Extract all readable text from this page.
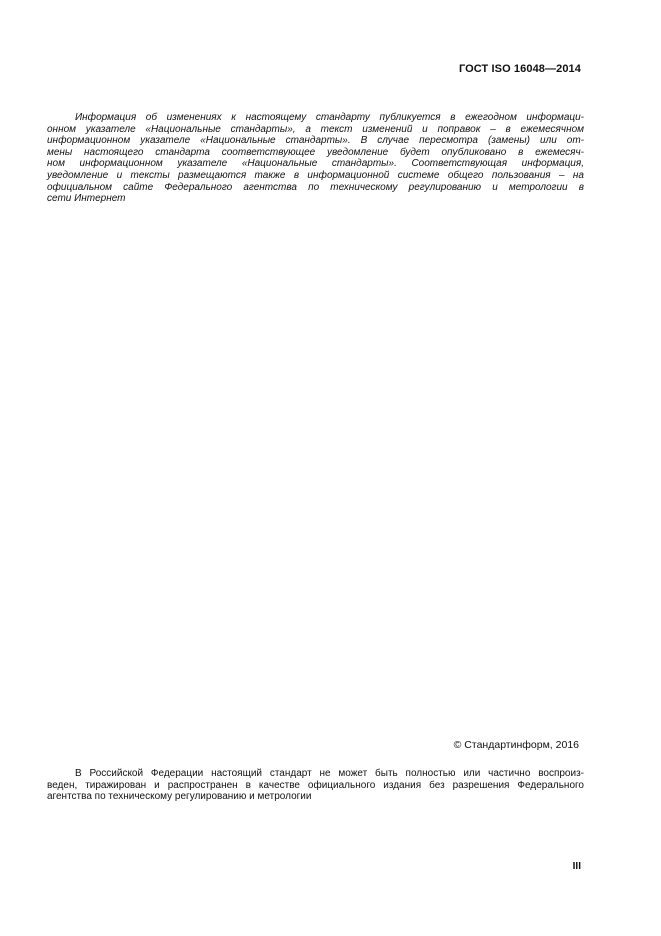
ГОСТ ISO 16048—2014
Информация об изменениях к настоящему стандарту публикуется в ежегодном информаци-
онном указателе «Национальные стандарты», а текст изменений и поправок – в ежемесячном
информационном указателе «Национальные стандарты». В случае пересмотра (замены) или от-
мены настоящего стандарта соответствующее уведомление будет опубликовано в ежемесяч-
ном информационном указателе «Национальные стандарты». Соответствующая информация,
уведомление и тексты размещаются также в информационной системе общего пользования – на
официальном сайте Федерального агентства по техническому регулированию и метрологии в
сети Интернет
© Стандартинформ, 2016
В Российской Федерации настоящий стандарт не может быть полностью или частично воспроиз-
веден, тиражирован и распространен в качестве официального издания без разрешения Федерального
агентства по техническому регулированию и метрологии
III
